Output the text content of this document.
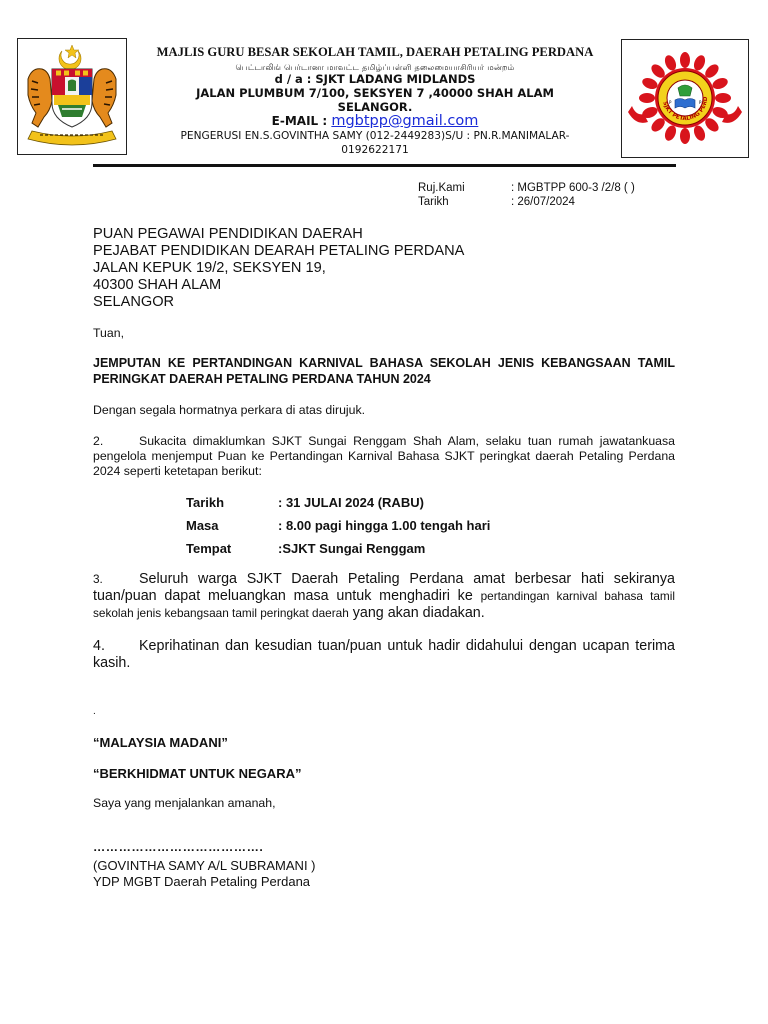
MAJLIS GURU BESAR SEKOLAH TAMIL, DAERAH PETALING PERDANA
பெட்டாலிங் பெர்டானா மாவட்ட தமிழ்ப்பள்ளி தலைமையாசிரியர் மன்றம்
d / a : SJKT LADANG MIDLANDS
JALAN PLUMBUM 7/100, SEKSYEN 7 ,40000 SHAH ALAM
SELANGOR.
E-MAIL : mgbtpp@gmail.com
PENGERUSI EN.S.GOVINTHA SAMY (012-2449283)S/U : PN.R.MANIMALAR-
0192622171
SJKT PETALING PERD
P	P
Ruj.Kami	: MGBTPP 600-3 /2/8 ( )
Tarikh	: 26/07/2024
PUAN PEGAWAI PENDIDIKAN DAERAH
PEJABAT PENDIDIKAN DEARAH PETALING PERDANA
JALAN KEPUK 19/2, SEKSYEN 19,
40300 SHAH ALAM
SELANGOR
Tuan,
JEMPUTAN KE PERTANDINGAN KARNIVAL BAHASA SEKOLAH JENIS KEBANGSAAN TAMIL PERINGKAT DAERAH PETALING PERDANA TAHUN 2024
Dengan segala hormatnya perkara di atas dirujuk.
2.	Sukacita dimaklumkan SJKT Sungai Renggam Shah Alam, selaku tuan rumah jawatankuasa pengelola menjemput Puan ke Pertandingan Karnival Bahasa SJKT peringkat daerah Petaling Perdana 2024 seperti ketetapan berikut:
Tarikh	: 31 JULAI 2024 (RABU)
Masa	: 8.00 pagi hingga 1.00 tengah hari
Tempat	:SJKT Sungai Renggam
3.	Seluruh warga SJKT Daerah Petaling Perdana amat berbesar hati sekiranya tuan/puan dapat meluangkan masa untuk menghadiri ke pertandingan karnival bahasa tamil sekolah jenis kebangsaan tamil peringkat daerah yang akan diadakan.
4. Keprihatinan dan kesudian tuan/puan untuk hadir didahului dengan ucapan terima kasih.
.
“MALAYSIA MADANI”
“BERKHIDMAT UNTUK NEGARA”
Saya yang menjalankan amanah,
………………………………….
(GOVINTHA SAMY A/L SUBRAMANI )
YDP MGBT Daerah Petaling Perdana
